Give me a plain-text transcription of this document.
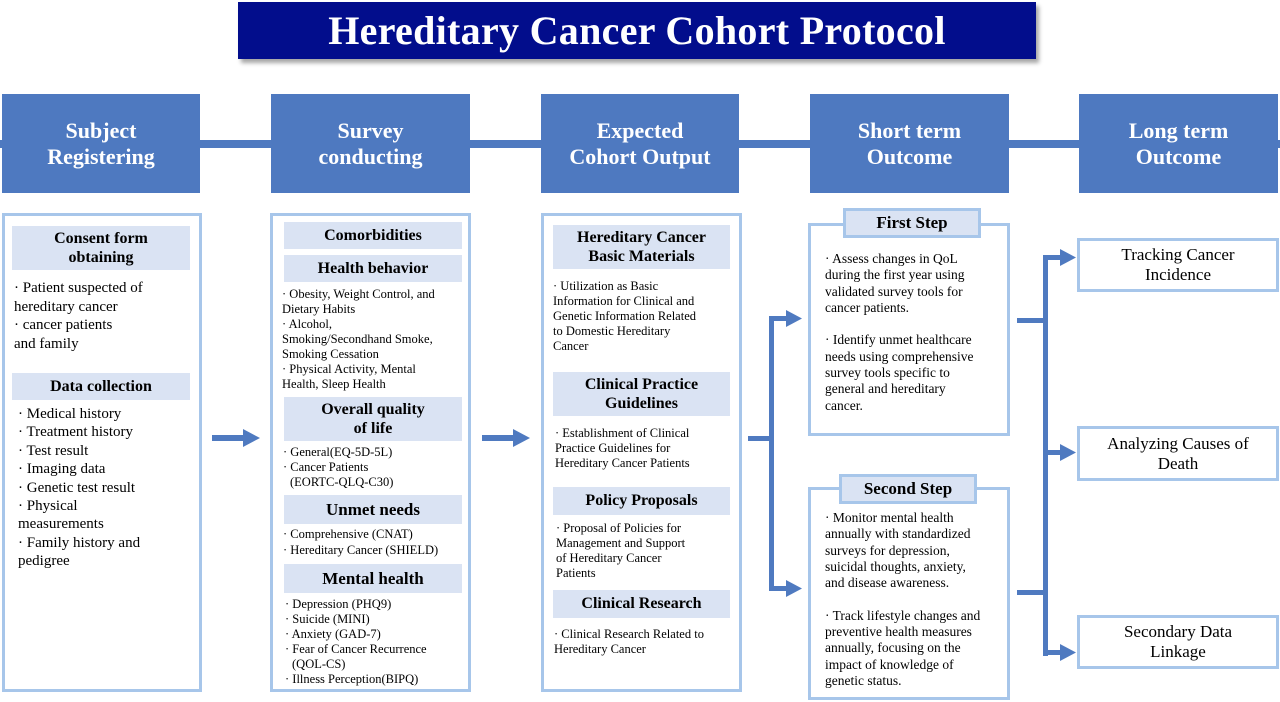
Hereditary Cancer Cohort Protocol
Subject
Registering
Survey
conducting
Expected
Cohort Output
Short term
Outcome
Long term
Outcome
Consent form
obtaining
· Patient suspected of
hereditary cancer
· cancer patients
and family
Data collection
· Medical history
· Treatment history
· Test result
· Imaging data
· Genetic test result
· Physical
measurements
· Family history and
pedigree
Comorbidities
Health behavior
· Obesity, Weight Control, and
Dietary Habits
· Alcohol,
Smoking/Secondhand Smoke,
Smoking Cessation
· Physical Activity, Mental
Health, Sleep Health
Overall quality
of life
· General(EQ-5D-5L)
· Cancer Patients
(EORTC-QLQ-C30)
Unmet needs
· Comprehensive (CNAT)
· Hereditary Cancer (SHIELD)
Mental health
· Depression (PHQ9)
· Suicide (MINI)
· Anxiety (GAD-7)
· Fear of Cancer Recurrence
(QOL-CS)
· Illness Perception(BIPQ)
Hereditary Cancer
Basic Materials
· Utilization as Basic
Information for Clinical and
Genetic Information Related
to Domestic Hereditary
Cancer
Clinical Practice
Guidelines
· Establishment of Clinical
Practice Guidelines for
Hereditary Cancer Patients
Policy Proposals
· Proposal of Policies for
Management and Support
of Hereditary Cancer
Patients
Clinical Research
· Clinical Research Related to
Hereditary Cancer
First Step
· Assess changes in QoL
during the first year using
validated survey tools for
cancer patients.
· Identify unmet healthcare
needs using comprehensive
survey tools specific to
general and hereditary
cancer.
Second Step
· Monitor mental health
annually with standardized
surveys for depression,
suicidal thoughts, anxiety,
and disease awareness.
· Track lifestyle changes and
preventive health measures
annually, focusing on the
impact of knowledge of
genetic status.
Tracking Cancer
Incidence
Analyzing Causes of
Death
Secondary Data
Linkage
